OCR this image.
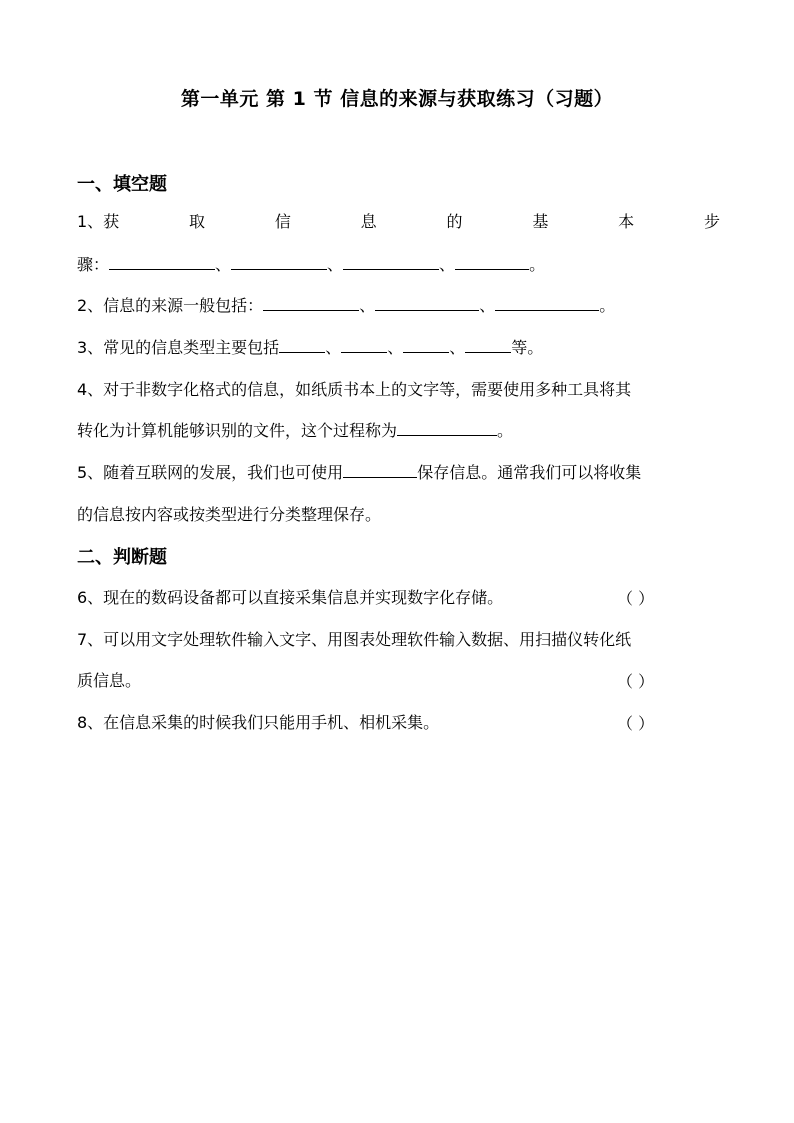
第一单元 第 1 节 信息的来源与获取练习（习题）
一、填空题
1、获	取	信	息	的	基	本	步
骤：	、	、	、	。
2、信息的来源一般包括：	、	、	。
3、常见的信息类型主要包括	、	、	、	等。
4、对于非数字化格式的信息，如纸质书本上的文字等，需要使用多种工具将其
转化为计算机能够识别的文件，这个过程称为	。
5、随着互联网的发展，我们也可使用	保存信息。通常我们可以将收集
的信息按内容或按类型进行分类整理保存。
二、判断题
6、现在的数码设备都可以直接采集信息并实现数字化存储。	（ ）
7、可以用文字处理软件输入文字、用图表处理软件输入数据、用扫描仪转化纸
质信息。	（ ）
8、在信息采集的时候我们只能用手机、相机采集。	（ ）
